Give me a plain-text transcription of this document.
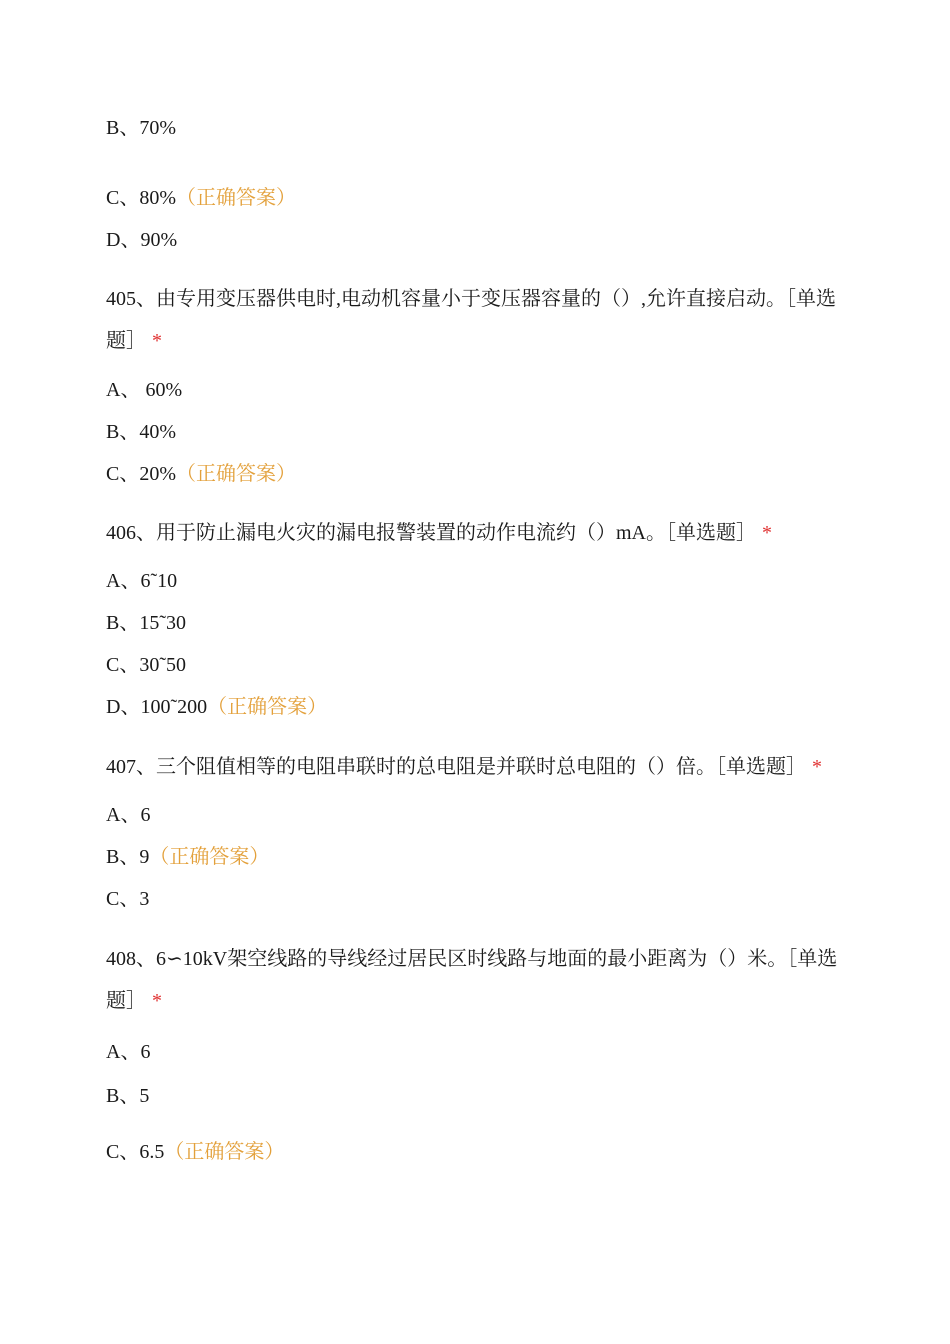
B、70%
C、80%（正确答案）
D、90%
405、由专用变压器供电时,电动机容量小于变压器容量的（）,允许直接启动。［单选题］ *
A、 60%
B、40%
C、20%（正确答案）
406、用于防止漏电火灾的漏电报警装置的动作电流约（）mA。［单选题］ *
A、6˜10
B、15˜30
C、30˜50
D、100˜200（正确答案）
407、三个阻值相等的电阻串联时的总电阻是并联时总电阻的（）倍。［单选题］ *
A、6
B、9（正确答案）
C、3
408、6∽10kV架空线路的导线经过居民区时线路与地面的最小距离为（）米。［单选题］ *
A、6
B、5
C、6.5（正确答案）
